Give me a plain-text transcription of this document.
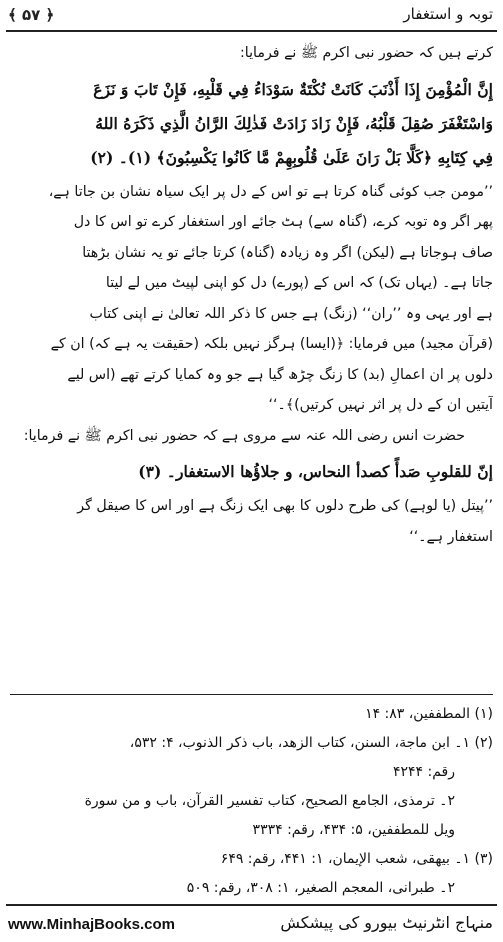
﴾ ۵۷ ﴿	توبہ و استغفار

کرتے ہیں کہ حضور نبی اکرم ﷺ نے فرمایا:

إِنَّ الْمُؤْمِنَ إِذَا أَذْنَبَ كَانَتْ نُكْتَةٌ سَوْدَاءُ فِي قَلْبِهِ، فَإِنْ تَابَ وَ نَزَعَ
وَاسْتَغْفَرَ صُقِلَ قَلْبُهُ، فَإِنْ زَادَ زَادَتْ فَذٰلِكَ الرَّانُ الَّذِي ذَكَرَهُ اللهُ
فِي كِتَابِهِ ﴿كَلَّا بَلْ رَانَ عَلَىٰ قُلُوبِهِمْ مَّا كَانُوا يَكْسِبُونَ﴾ (۱)۔ (۲)
’’مومن جب کوئی گناہ کرتا ہے تو اس کے دل پر ایک سیاہ نشان بن جاتا ہے،
پھر اگر وہ توبہ کرے، (گناہ سے) ہٹ جائے اور استغفار کرے تو اس کا دل
صاف ہوجاتا ہے (لیکن) اگر وہ زیادہ (گناہ) کرتا جائے تو یہ نشان بڑھتا
جاتا ہے۔ (یہاں تک) کہ اس کے (پورے) دل کو اپنی لپیٹ میں لے لیتا
ہے اور یہی وہ ’’ران‘‘ (زنگ) ہے جس کا ذکر اللہ تعالیٰ نے اپنی کتاب
(قرآن مجید) میں فرمایا: ﴿(ایسا) ہرگز نہیں بلکہ (حقیقت یہ ہے کہ) ان کے
دلوں پر ان اعمالِ (بد) کا زنگ چڑھ گیا ہے جو وہ کمایا کرتے تھے (اس لیے
آیتیں ان کے دل پر اثر نہیں کرتیں)﴾۔‘‘
حضرت انس رضی اللہ عنہ سے مروی ہے کہ حضور نبی اکرم ﷺ نے فرمایا:
إنّ للقلوبِ صَدأً كصدأ النحاس، و جلاؤُها الاستغفار۔ (۳)
’’پیتل (یا لوہے) کی طرح دلوں کا بھی ایک زنگ ہے اور اس کا صیقل گر
استغفار ہے۔‘‘
(۱) المطففين، ۸۳: ۱۴
(۲) ۱۔ ابن ماجة، السنن، كتاب الزهد، باب ذكر الذنوب، ۴: ۵۳۲،
رقم: ۴۲۴۴
۲۔ ترمذی، الجامع الصحيح، كتاب تفسير القرآن، باب و من سورة
ويل للمطففين، ۵: ۴۳۴، رقم: ۳۳۳۴
(۳) ۱۔ بيهقی، شعب الإيمان، ۱: ۴۴۱، رقم: ۶۴۹
۲۔ طبرانی، المعجم الصغير، ۱: ۳۰۸، رقم: ۵۰۹
www.MinhajBooks.com	منہاج انٹرنیٹ بیورو کی پیشکش
